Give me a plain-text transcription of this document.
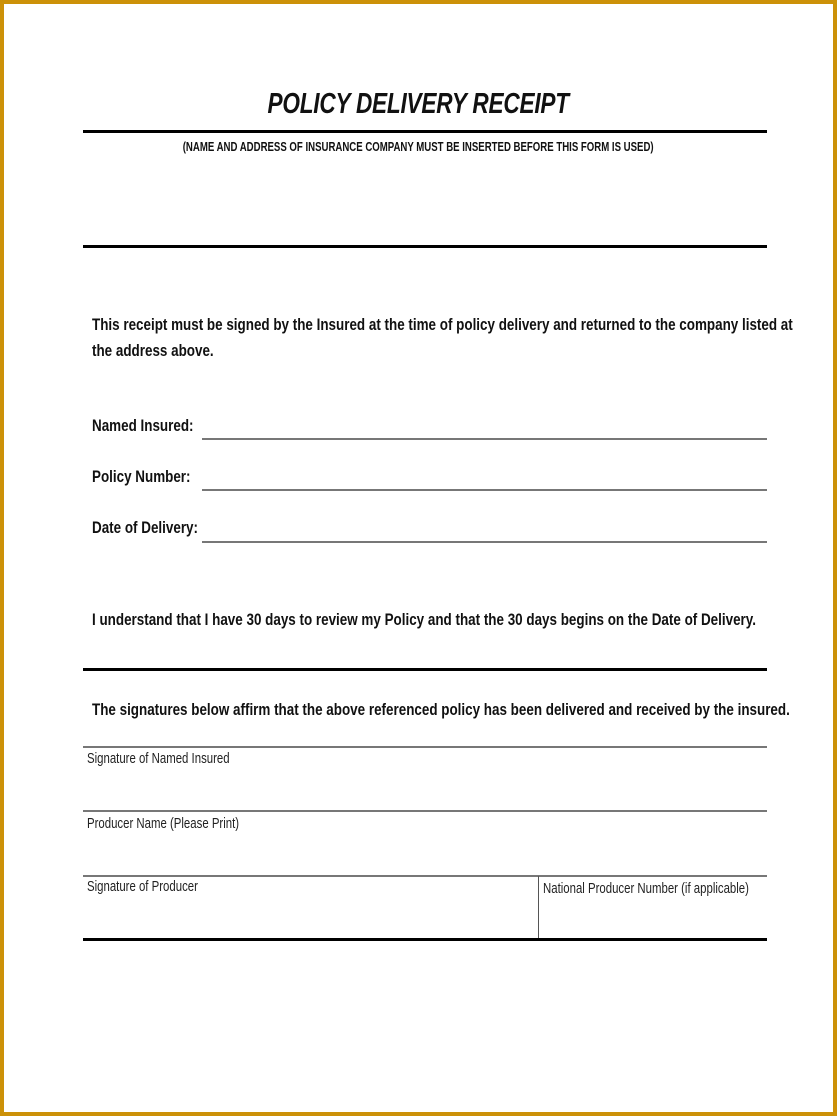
POLICY DELIVERY RECEIPT
(NAME AND ADDRESS OF INSURANCE COMPANY MUST BE INSERTED BEFORE THIS FORM IS USED)
This receipt must be signed by the Insured at the time of policy delivery and returned to the company listed at
the address above.
Named Insured:
Policy Number:
Date of Delivery:
I understand that I have 30 days to review my Policy and that the 30 days begins on the Date of Delivery.
The signatures below affirm that the above referenced policy has been delivered and received by the insured.
Signature of Named Insured
Producer Name (Please Print)
Signature of Producer	National Producer Number (if applicable)
